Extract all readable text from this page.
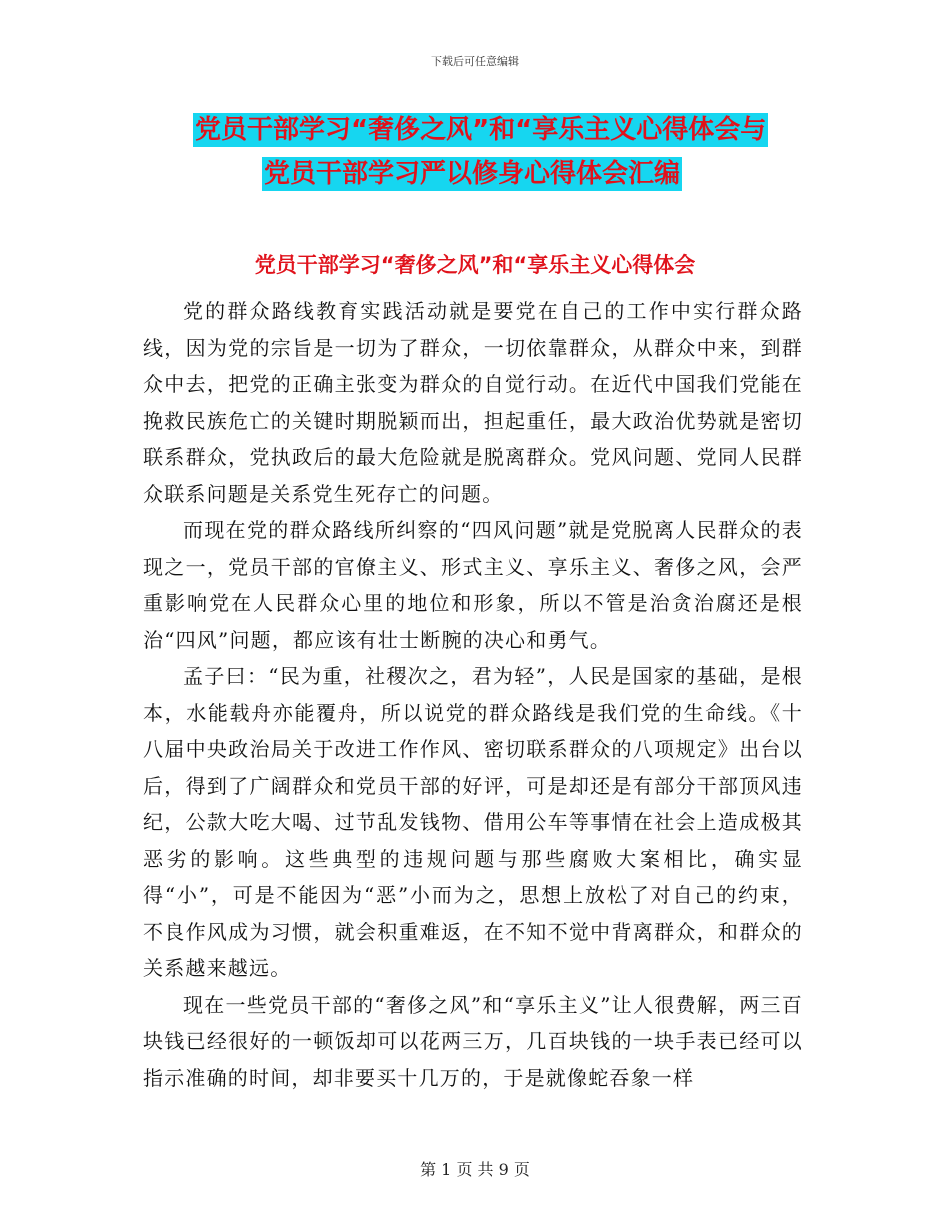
下载后可任意编辑
党员干部学习“奢侈之风”和“享乐主义心得体会与
党员干部学习严以修身心得体会汇编
党员干部学习“奢侈之风”和“享乐主义心得体会

党的群众路线教育实践活动就是要党在自己的工作中实行群众路线，因为党的宗旨是一切为了群众，一切依靠群众，从群众中来，到群众中去，把党的正确主张变为群众的自觉行动。在近代中国我们党能在挽救民族危亡的关键时期脱颖而出，担起重任，最大政治优势就是密切联系群众，党执政后的最大危险就是脱离群众。党风问题、党同人民群众联系问题是关系党生死存亡的问题。

而现在党的群众路线所纠察的“四风问题”就是党脱离人民群众的表现之一，党员干部的官僚主义、形式主义、享乐主义、奢侈之风，会严重影响党在人民群众心里的地位和形象，所以不管是治贪治腐还是根治“四风”问题，都应该有壮士断腕的决心和勇气。

孟子曰：“民为重，社稷次之，君为轻”，人民是国家的基础，是根本，水能载舟亦能覆舟，所以说党的群众路线是我们党的生命线。《十八届中央政治局关于改进工作作风、密切联系群众的八项规定》出台以后，得到了广阔群众和党员干部的好评，可是却还是有部分干部顶风违纪，公款大吃大喝、过节乱发钱物、借用公车等事情在社会上造成极其恶劣的影响。这些典型的违规问题与那些腐败大案相比，确实显得“小”，可是不能因为“恶”小而为之，思想上放松了对自己的约束，不良作风成为习惯，就会积重难返，在不知不觉中背离群众，和群众的关系越来越远。

现在一些党员干部的“奢侈之风”和“享乐主义”让人很费解，两三百块钱已经很好的一顿饭却可以花两三万，几百块钱的一块手表已经可以指示准确的时间，却非要买十几万的，于是就像蛇吞象一样

第 1 页 共 9 页
